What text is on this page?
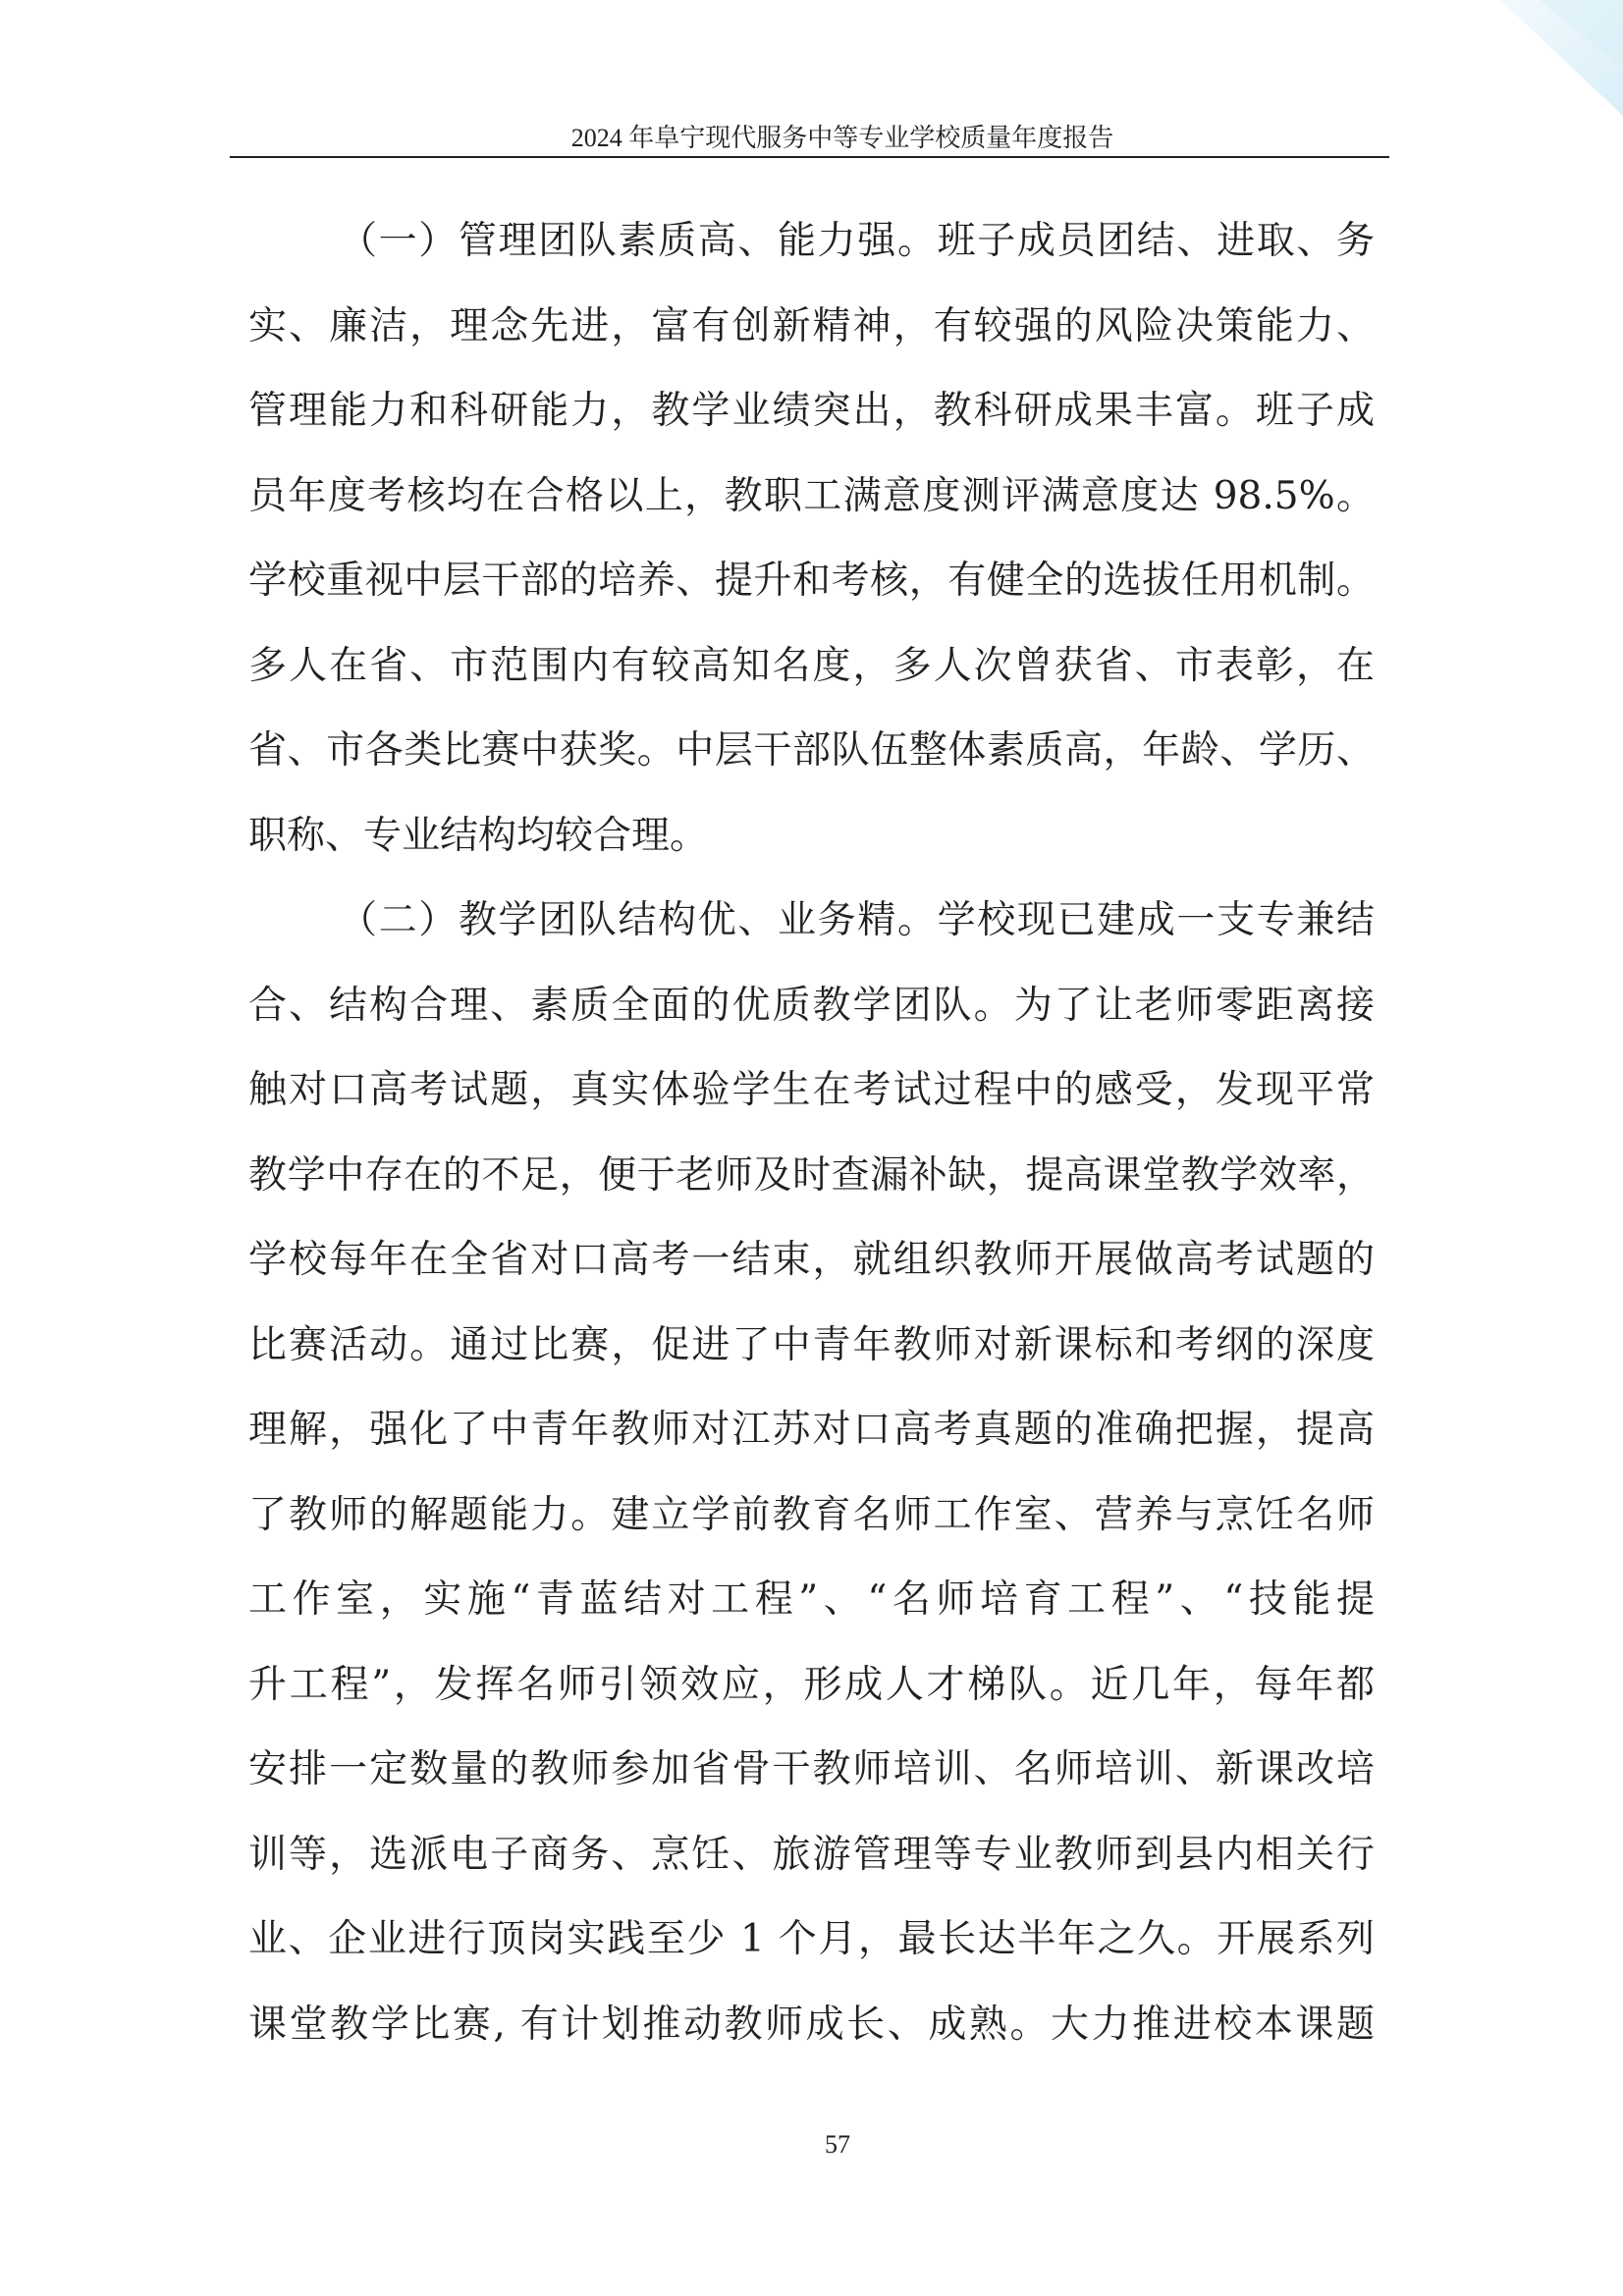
2024 年阜宁现代服务中等专业学校质量年度报告
（一）管理团队素质高、能力强。班子成员团结、进取、务
实、廉洁，理念先进，富有创新精神，有较强的风险决策能力、
管理能力和科研能力，教学业绩突出，教科研成果丰富。班子成
员年度考核均在合格以上，教职工满意度测评满意度达 98.5%。
学校重视中层干部的培养、提升和考核，有健全的选拔任用机制。
多人在省、市范围内有较高知名度，多人次曾获省、市表彰，在
省、市各类比赛中获奖。中层干部队伍整体素质高，年龄、学历、
职称、专业结构均较合理。
（二）教学团队结构优、业务精。学校现已建成一支专兼结
合、结构合理、素质全面的优质教学团队。为了让老师零距离接
触对口高考试题，真实体验学生在考试过程中的感受，发现平常
教学中存在的不足，便于老师及时查漏补缺，提高课堂教学效率，
学校每年在全省对口高考一结束，就组织教师开展做高考试题的
比赛活动。通过比赛，促进了中青年教师对新课标和考纲的深度
理解，强化了中青年教师对江苏对口高考真题的准确把握，提高
了教师的解题能力。建立学前教育名师工作室、营养与烹饪名师
工作室，实施“青蓝结对工程”、“名师培育工程”、“技能提
升工程”，发挥名师引领效应，形成人才梯队。近几年，每年都
安排一定数量的教师参加省骨干教师培训、名师培训、新课改培
训等，选派电子商务、烹饪、旅游管理等专业教师到县内相关行
业、企业进行顶岗实践至少 1 个月，最长达半年之久。开展系列
课堂教学比赛, 有计划推动教师成长、成熟。大力推进校本课题
57
